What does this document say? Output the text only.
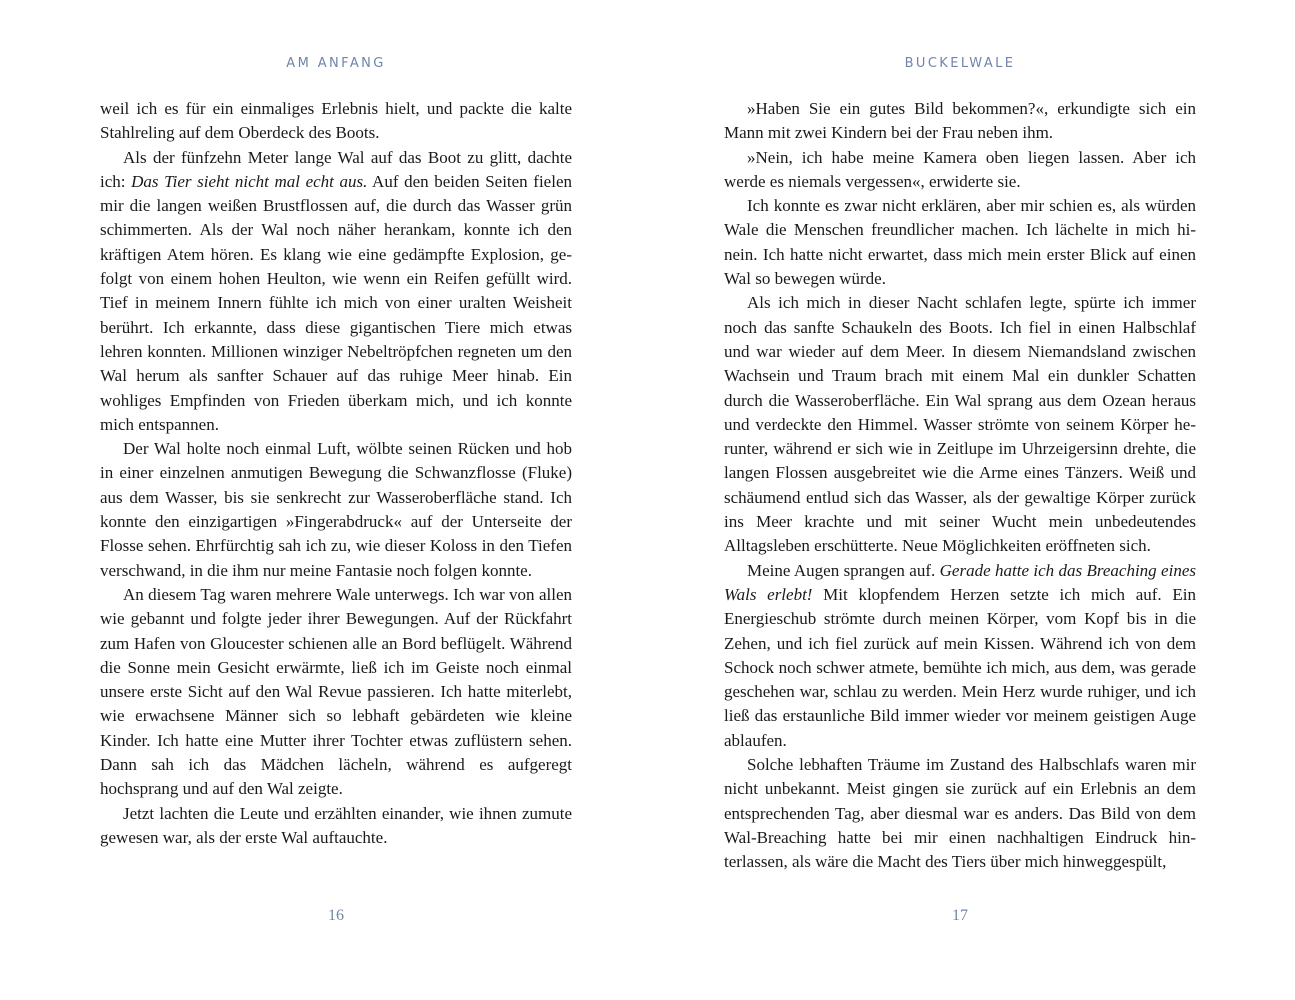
AM ANFANG

weil ich es für ein einmaliges Erlebnis hielt, und packte die kalte Stahlreling auf dem Oberdeck des Boots.

Als der fünfzehn Meter lange Wal auf das Boot zu glitt, dachte ich: Das Tier sieht nicht mal echt aus. Auf den beiden Seiten fielen mir die langen weißen Brustflossen auf, die durch das Wasser grün schimmerten. Als der Wal noch näher herankam, konnte ich den kräftigen Atem hören. Es klang wie eine gedämpfte Explosion, gefolgt von einem hohen Heulton, wie wenn ein Reifen gefüllt wird. Tief in meinem Innern fühlte ich mich von einer uralten Weisheit berührt. Ich erkannte, dass diese gigantischen Tiere mich etwas lehren konnten. Millionen winziger Nebeltröpfchen regneten um den Wal herum als sanfter Schauer auf das ruhige Meer hinab. Ein wohliges Empfinden von Frieden überkam mich, und ich konnte mich entspannen.

Der Wal holte noch einmal Luft, wölbte seinen Rücken und hob in einer einzelnen anmutigen Bewegung die Schwanzflosse (Fluke) aus dem Wasser, bis sie senkrecht zur Wasseroberfläche stand. Ich konnte den einzigartigen »Fingerabdruck« auf der Unterseite der Flosse sehen. Ehrfürchtig sah ich zu, wie dieser Koloss in den Tiefen verschwand, in die ihm nur meine Fantasie noch folgen konnte.

An diesem Tag waren mehrere Wale unterwegs. Ich war von allen wie gebannt und folgte jeder ihrer Bewegungen. Auf der Rückfahrt zum Hafen von Gloucester schienen alle an Bord beflügelt. Während die Sonne mein Gesicht erwärmte, ließ ich im Geiste noch einmal unsere erste Sicht auf den Wal Revue passieren. Ich hatte miterlebt, wie erwachsene Männer sich so lebhaft gebärdeten wie kleine Kinder. Ich hatte eine Mutter ihrer Tochter etwas zuflüstern sehen. Dann sah ich das Mädchen lächeln, während es aufgeregt hochsprang und auf den Wal zeigte.

Jetzt lachten die Leute und erzählten einander, wie ihnen zumute gewesen war, als der erste Wal auftauchte.

16
BUCKELWALE

»Haben Sie ein gutes Bild bekommen?«, erkundigte sich ein Mann mit zwei Kindern bei der Frau neben ihm.

»Nein, ich habe meine Kamera oben liegen lassen. Aber ich werde es niemals vergessen«, erwiderte sie.

Ich konnte es zwar nicht erklären, aber mir schien es, als würden Wale die Menschen freundlicher machen. Ich lächelte in mich hinein. Ich hatte nicht erwartet, dass mich mein erster Blick auf einen Wal so bewegen würde.

Als ich mich in dieser Nacht schlafen legte, spürte ich immer noch das sanfte Schaukeln des Boots. Ich fiel in einen Halbschlaf und war wieder auf dem Meer. In diesem Niemandsland zwischen Wachsein und Traum brach mit einem Mal ein dunkler Schatten durch die Wasseroberfläche. Ein Wal sprang aus dem Ozean heraus und verdeckte den Himmel. Wasser strömte von seinem Körper herunter, während er sich wie in Zeitlupe im Uhrzeigersinn drehte, die langen Flossen ausgebreitet wie die Arme eines Tänzers. Weiß und schäumend entlud sich das Wasser, als der gewaltige Körper zurück ins Meer krachte und mit seiner Wucht mein unbedeutendes Alltagsleben erschütterte. Neue Möglichkeiten eröffneten sich.

Meine Augen sprangen auf. Gerade hatte ich das Breaching eines Wals erlebt! Mit klopfendem Herzen setzte ich mich auf. Ein Energieschub strömte durch meinen Körper, vom Kopf bis in die Zehen, und ich fiel zurück auf mein Kissen. Während ich von dem Schock noch schwer atmete, bemühte ich mich, aus dem, was gerade geschehen war, schlau zu werden. Mein Herz wurde ruhiger, und ich ließ das erstaunliche Bild immer wieder vor meinem geistigen Auge ablaufen.

Solche lebhaften Träume im Zustand des Halbschlafs waren mir nicht unbekannt. Meist gingen sie zurück auf ein Erlebnis an dem entsprechenden Tag, aber diesmal war es anders. Das Bild von dem Wal-Breaching hatte bei mir einen nachhaltigen Eindruck hinterlassen, als wäre die Macht des Tiers über mich hinweggespült,

17
